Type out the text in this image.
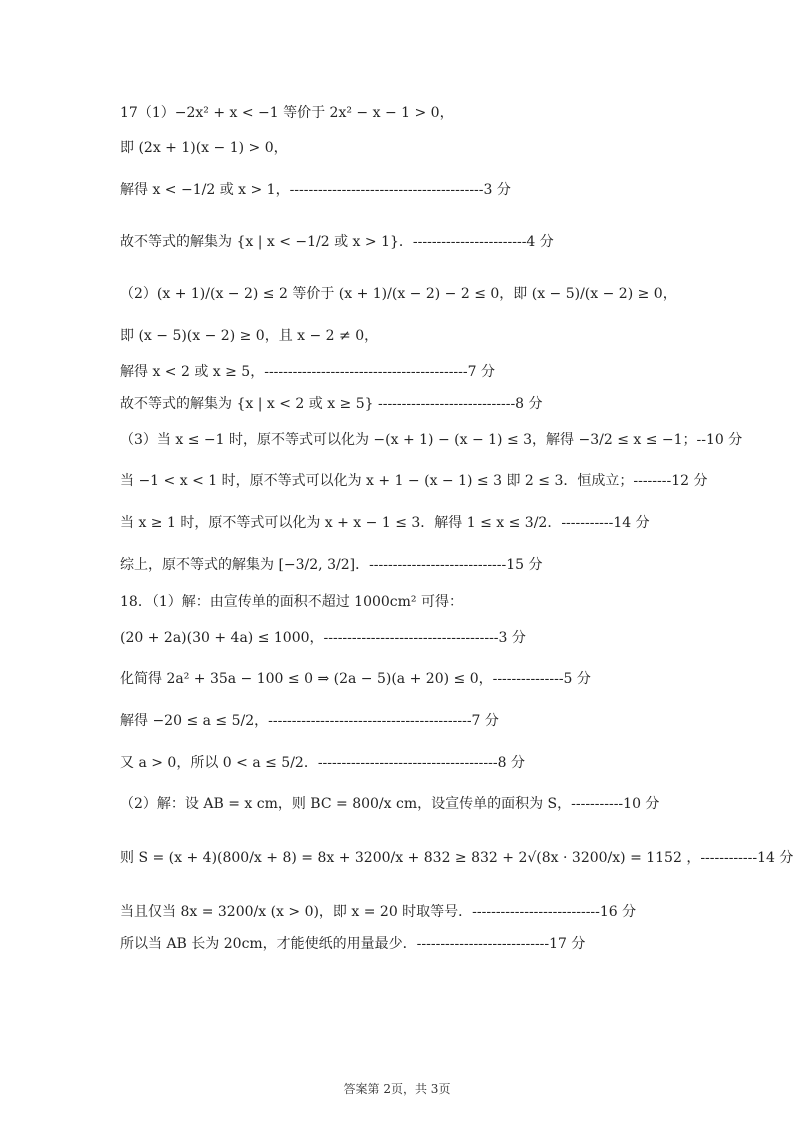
17（1）−2x² + x < −1 等价于 2x² − x − 1 > 0，
即 (2x + 1)(x − 1) > 0，
解得 x < −1/2 或 x > 1，-----------------------------------------3 分
故不等式的解集为 {x | x < −1/2 或 x > 1}．------------------------4 分
（2）(x + 1)/(x − 2) ≤ 2 等价于 (x + 1)/(x − 2) − 2 ≤ 0，即 (x − 5)/(x − 2) ≥ 0，
即 (x − 5)(x − 2) ≥ 0，且 x − 2 ≠ 0，
解得 x < 2 或 x ≥ 5，-------------------------------------------7 分
故不等式的解集为 {x | x < 2 或 x ≥ 5} -----------------------------8 分
（3）当 x ≤ −1 时，原不等式可以化为 −(x + 1) − (x − 1) ≤ 3，解得 −3/2 ≤ x ≤ −1；--10 分
当 −1 < x < 1 时，原不等式可以化为 x + 1 − (x − 1) ≤ 3 即 2 ≤ 3．恒成立；--------12 分
当 x ≥ 1 时，原不等式可以化为 x + x − 1 ≤ 3．解得 1 ≤ x ≤ 3/2．-----------14 分
综上，原不等式的解集为 [−3/2, 3/2]．-----------------------------15 分
18．（1）解：由宣传单的面积不超过 1000cm² 可得：
(20 + 2a)(30 + 4a) ≤ 1000，-------------------------------------3 分
化简得 2a² + 35a − 100 ≤ 0 ⇒ (2a − 5)(a + 20) ≤ 0，---------------5 分
解得 −20 ≤ a ≤ 5/2，-------------------------------------------7 分
又 a > 0，所以 0 < a ≤ 5/2．--------------------------------------8 分
（2）解：设 AB = x cm，则 BC = 800/x cm，设宣传单的面积为 S，-----------10 分
则 S = (x + 4)(800/x + 8) = 8x + 3200/x + 832 ≥ 832 + 2√(8x · 3200/x) = 1152 ，------------14 分
当且仅当 8x = 3200/x (x > 0)，即 x = 20 时取等号．---------------------------16 分
所以当 AB 长为 20cm，才能使纸的用量最少．----------------------------17 分
答案第 2页，共 3页
